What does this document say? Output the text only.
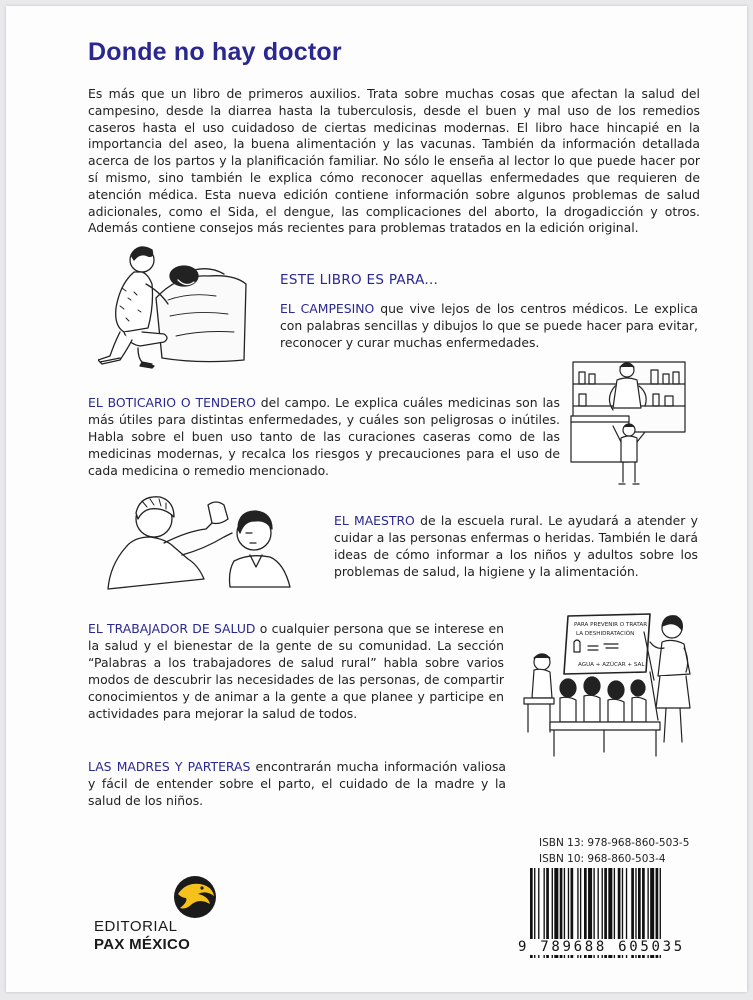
Donde no hay doctor

Es más que un libro de primeros auxilios. Trata sobre muchas cosas que afectan la salud del campesino, desde la diarrea hasta la tuberculosis, desde el buen y mal uso de los remedios caseros hasta el uso cuidadoso de ciertas medicinas modernas. El libro hace hincapié en la importancia del aseo, la buena alimentación y las vacunas. También da información detallada acerca de los partos y la planificación familiar. No sólo le enseña al lector lo que puede hacer por sí mismo, sino también le explica cómo reconocer aquellas enfermedades que requieren de atención médica. Esta nueva edición contiene información sobre algunos problemas de salud adicionales, como el Sida, el dengue, las complicaciones del aborto, la drogadicción y otros. Además contiene consejos más recientes para problemas tratados en la edición original.

ESTE LIBRO ES PARA...

EL CAMPESINO que vive lejos de los centros médicos. Le explica con palabras sencillas y dibujos lo que se puede hacer para evitar, reconocer y curar muchas enfermedades.

EL BOTICARIO O TENDERO del campo. Le explica cuáles medicinas son las más útiles para distintas enfermedades, y cuáles son peligrosas o inútiles. Habla sobre el buen uso tanto de las curaciones caseras como de las medicinas modernas, y recalca los riesgos y precauciones para el uso de cada medicina o remedio mencionado.

EL MAESTRO de la escuela rural. Le ayudará a atender y cuidar a las personas enfermas o heridas. También le dará ideas de cómo informar a los niños y adultos sobre los problemas de salud, la higiene y la alimentación.

EL TRABAJADOR DE SALUD o cualquier persona que se interese en la salud y el bienestar de la gente de su comunidad. La sección “Palabras a los trabajadores de salud rural” habla sobre varios modos de descubrir las necesidades de las personas, de compartir conocimientos y de animar a la gente a que planee y participe en actividades para mejorar la salud de todos.

PARA PREVENIR O TRATAR
LA DESHIDRATACIÓN
AGUA + AZÚCAR + SAL

LAS MADRES Y PARTERAS encontrarán mucha información valiosa y fácil de entender sobre el parto, el cuidado de la madre y la salud de los niños.

EDITORIAL
PAX MÉXICO
ISBN 13: 978-968-860-503-5
ISBN 10: 968-860-503-4
9 789688 605035
